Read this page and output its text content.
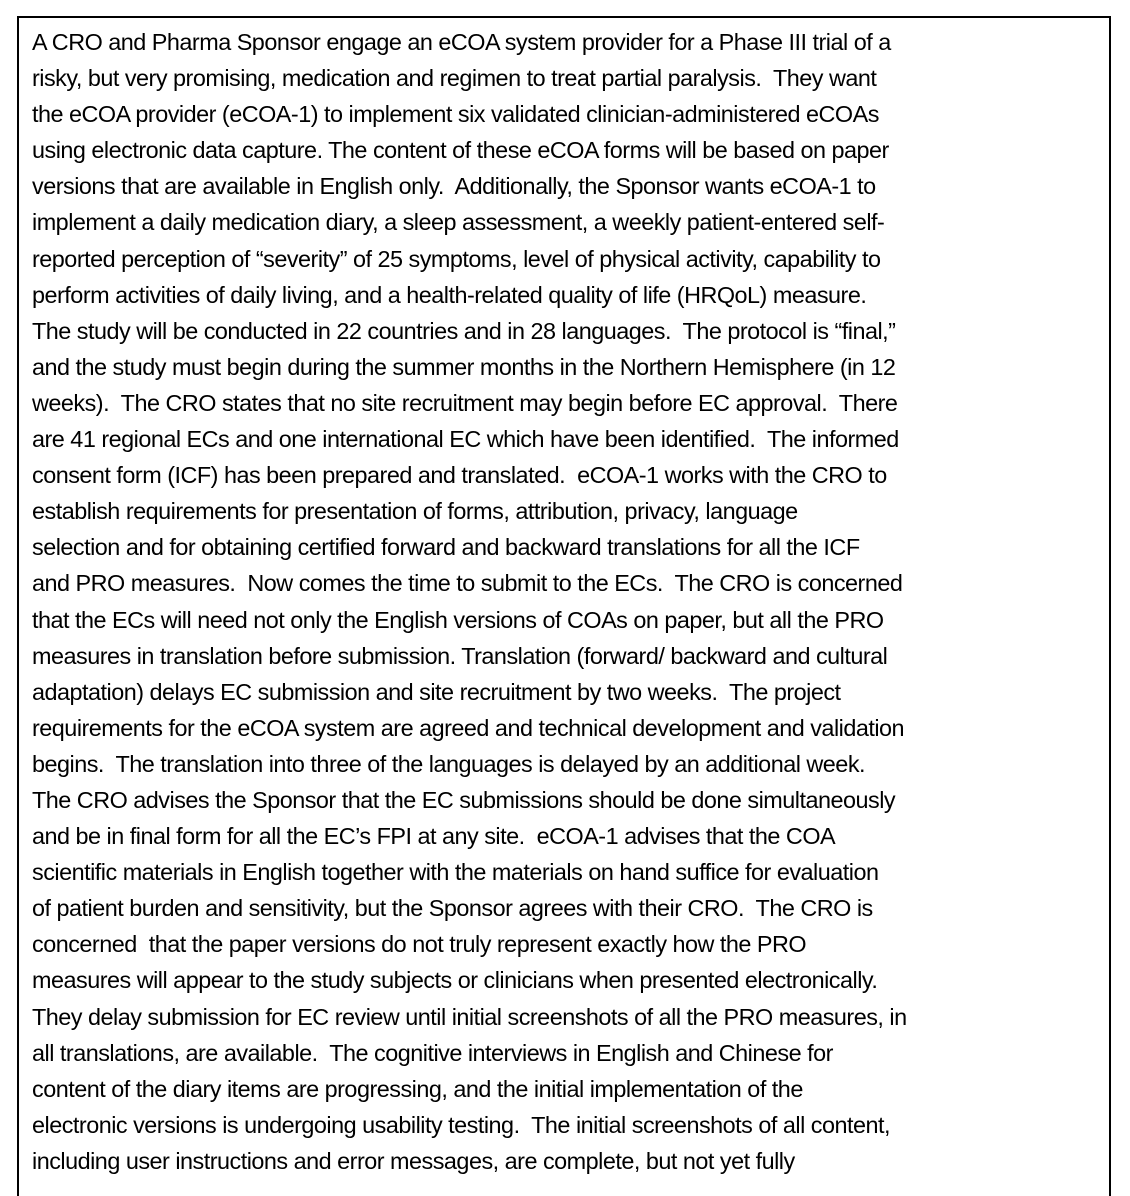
A CRO and Pharma Sponsor engage an eCOA system provider for a Phase III trial of a
risky, but very promising, medication and regimen to treat partial paralysis.  They want
the eCOA provider (eCOA-1) to implement six validated clinician-administered eCOAs
using electronic data capture. The content of these eCOA forms will be based on paper
versions that are available in English only.  Additionally, the Sponsor wants eCOA-1 to
implement a daily medication diary, a sleep assessment, a weekly patient-entered self-
reported perception of “severity” of 25 symptoms, level of physical activity, capability to
perform activities of daily living, and a health-related quality of life (HRQoL) measure.
The study will be conducted in 22 countries and in 28 languages.  The protocol is “final,”
and the study must begin during the summer months in the Northern Hemisphere (in 12
weeks).  The CRO states that no site recruitment may begin before EC approval.  There
are 41 regional ECs and one international EC which have been identified.  The informed
consent form (ICF) has been prepared and translated.  eCOA-1 works with the CRO to
establish requirements for presentation of forms, attribution, privacy, language
selection and for obtaining certified forward and backward translations for all the ICF
and PRO measures.  Now comes the time to submit to the ECs.  The CRO is concerned
that the ECs will need not only the English versions of COAs on paper, but all the PRO
measures in translation before submission. Translation (forward/ backward and cultural
adaptation) delays EC submission and site recruitment by two weeks.  The project
requirements for the eCOA system are agreed and technical development and validation
begins.  The translation into three of the languages is delayed by an additional week.
The CRO advises the Sponsor that the EC submissions should be done simultaneously
and be in final form for all the EC’s FPI at any site.  eCOA-1 advises that the COA
scientific materials in English together with the materials on hand suffice for evaluation
of patient burden and sensitivity, but the Sponsor agrees with their CRO.  The CRO is
concerned  that the paper versions do not truly represent exactly how the PRO
measures will appear to the study subjects or clinicians when presented electronically.
They delay submission for EC review until initial screenshots of all the PRO measures, in
all translations, are available.  The cognitive interviews in English and Chinese for
content of the diary items are progressing, and the initial implementation of the
electronic versions is undergoing usability testing.  The initial screenshots of all content,
including user instructions and error messages, are complete, but not yet fully
